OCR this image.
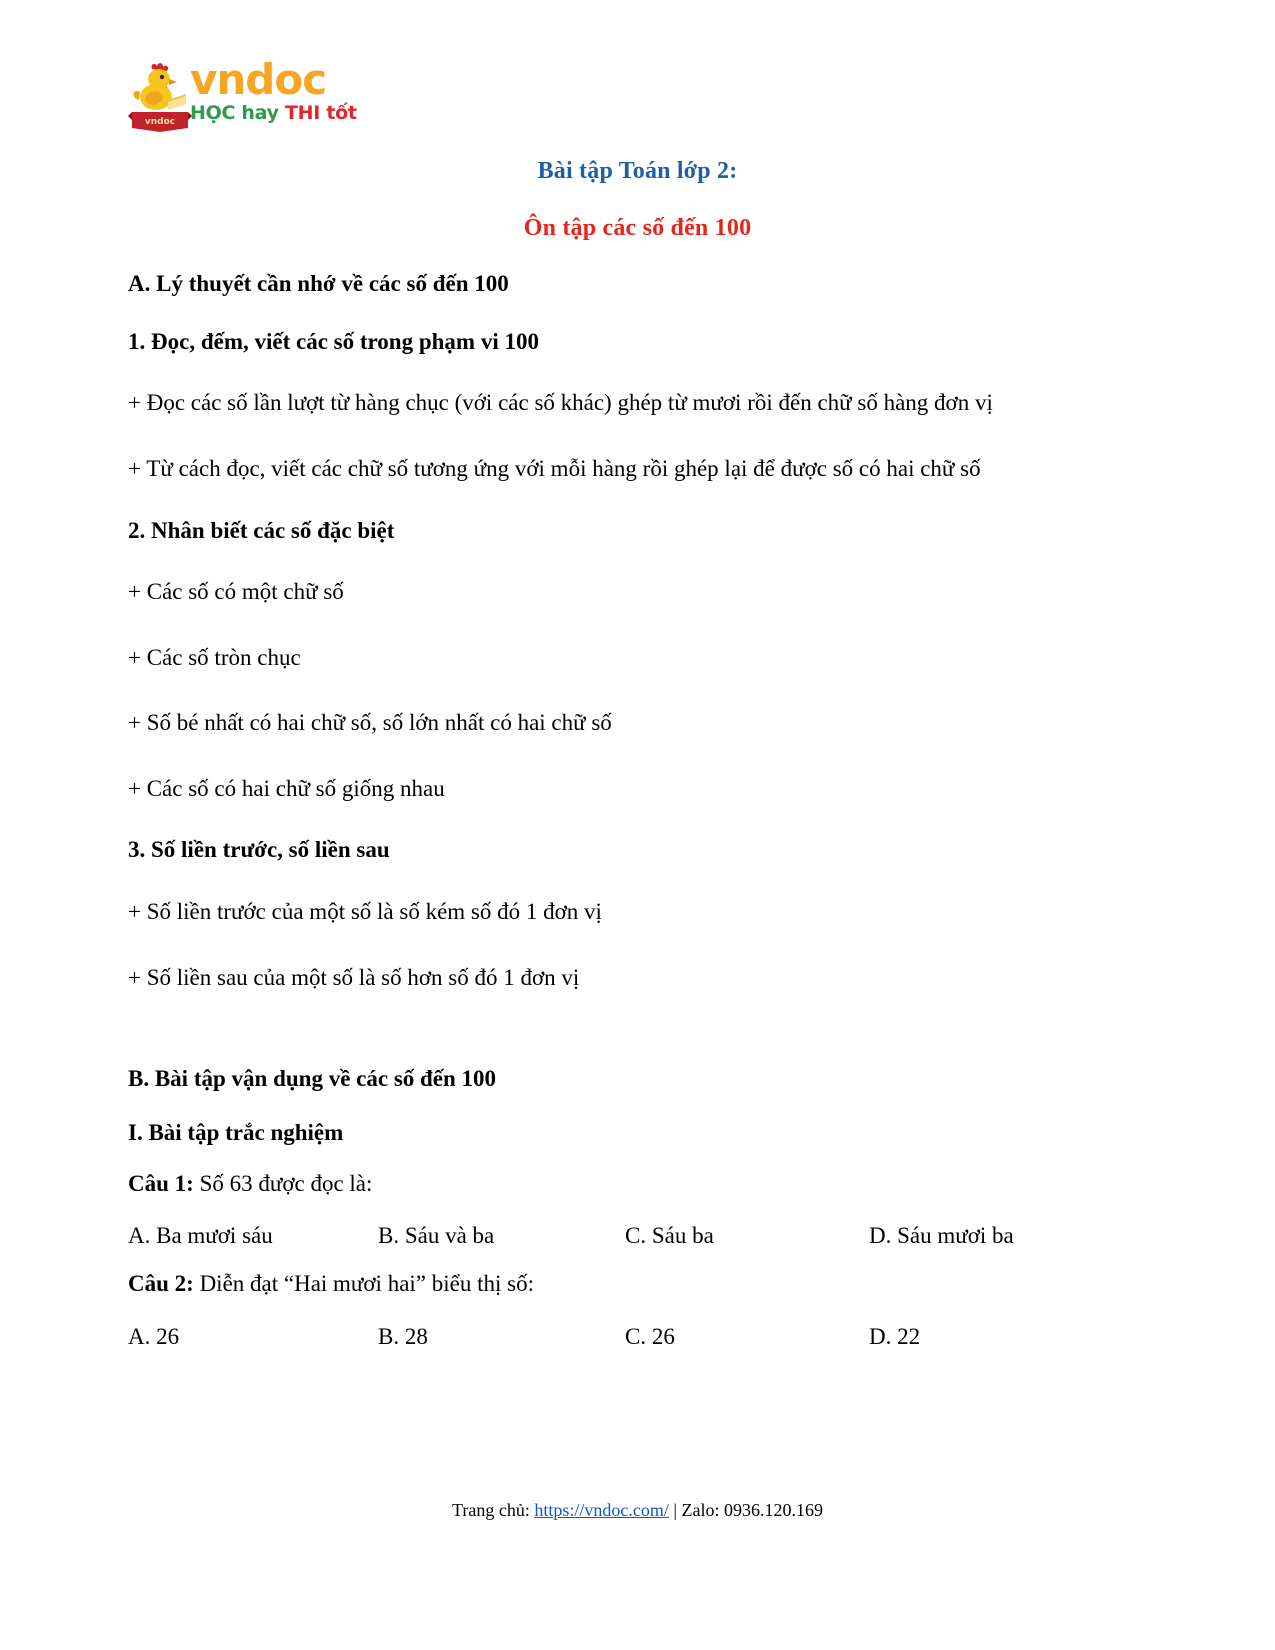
vndoc
vndoc
HỌC hay THI tốt
Bài tập Toán lớp 2:
Ôn tập các số đến 100
A. Lý thuyết cần nhớ về các số đến 100
1. Đọc, đếm, viết các số trong phạm vi 100
+ Đọc các số lần lượt từ hàng chục (với các số khác) ghép từ mươi rồi đến chữ số hàng đơn vị
+ Từ cách đọc, viết các chữ số tương ứng với mỗi hàng rồi ghép lại để được số có hai chữ số
2. Nhân biết các số đặc biệt
+ Các số có một chữ số
+ Các số tròn chục
+ Số bé nhất có hai chữ số, số lớn nhất có hai chữ số
+ Các số có hai chữ số giống nhau
3. Số liền trước, số liền sau
+ Số liền trước của một số là số kém số đó 1 đơn vị
+ Số liền sau của một số là số hơn số đó 1 đơn vị
B. Bài tập vận dụng về các số đến 100
I. Bài tập trắc nghiệm
Câu 1: Số 63 được đọc là:
A. Ba mươi sáu	B. Sáu và ba	C. Sáu ba	D. Sáu mươi ba
Câu 2: Diễn đạt “Hai mươi hai” biểu thị số:
A. 26	B. 28	C. 26	D. 22
Trang chủ: https://vndoc.com/ | Zalo: 0936.120.169
